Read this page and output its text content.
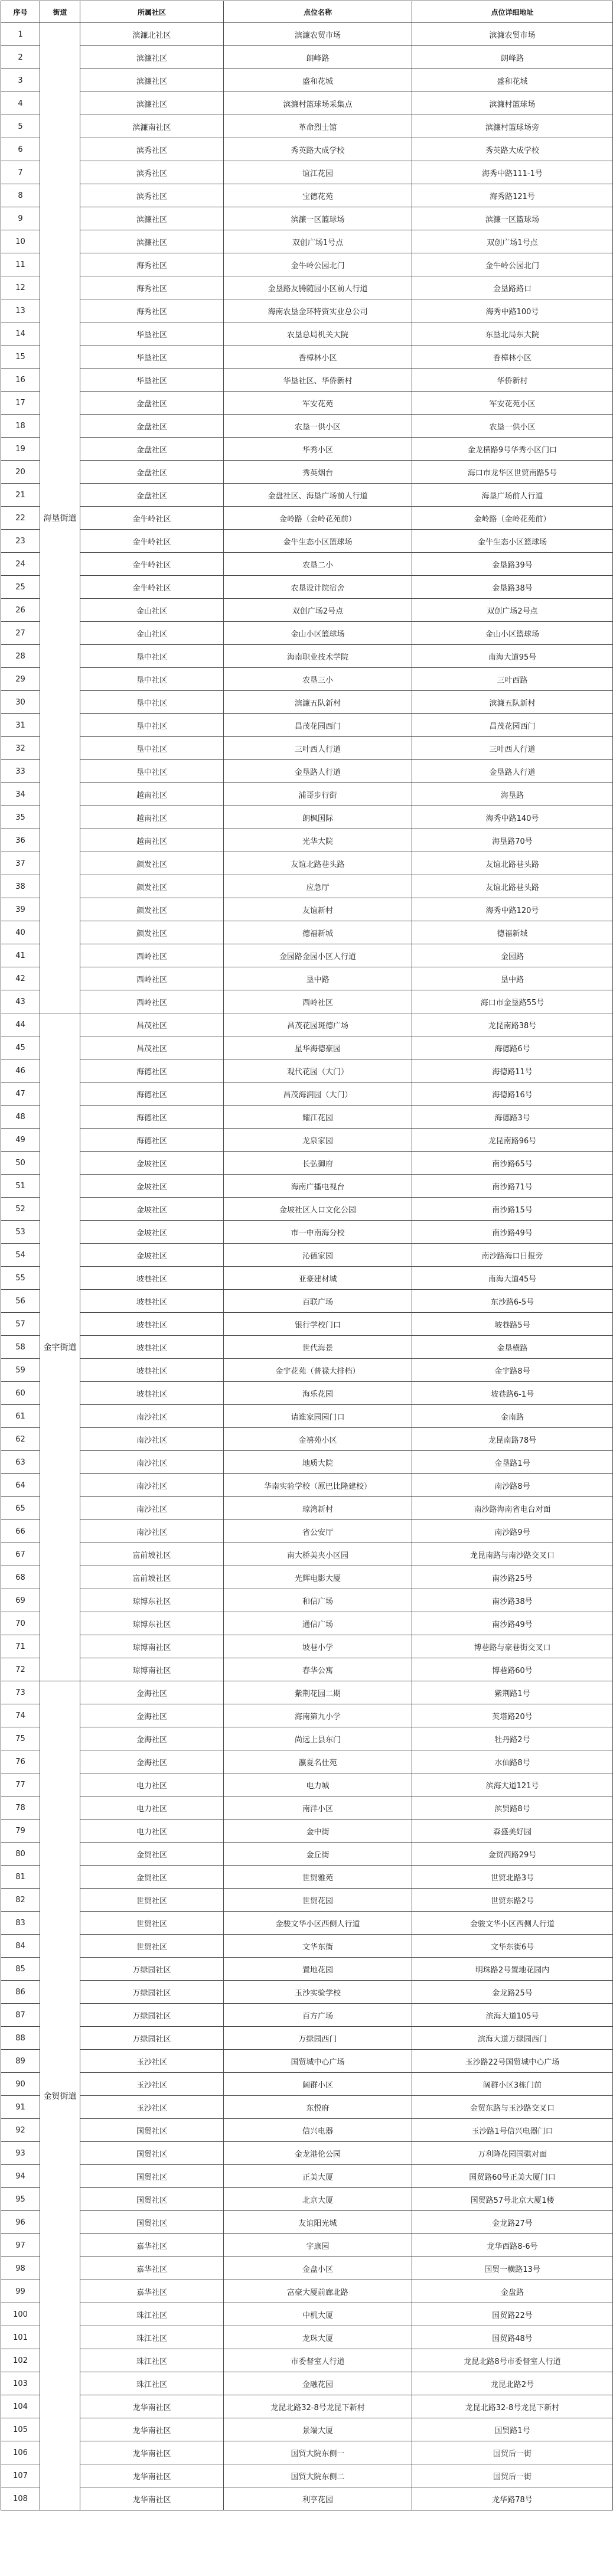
序号	街道	所属社区	点位名称	点位详细地址
1	海垦街道	滨濂北社区	滨濂农贸市场	滨濂农贸市场
2		滨濂社区	朗峰路	朗峰路
3		滨濂社区	盛和花城	盛和花城
4		滨濂社区	滨濂村篮球场采集点	滨濂村篮球场
5		滨濂南社区	革命烈士馆	滨濂村篮球场旁
6		滨秀社区	秀英路大成学校	秀英路大成学校
7		滨秀社区	谊江花园	海秀中路111-1号
8		滨秀社区	宝德花苑	海秀路121号
9		滨濂社区	滨濂一区篮球场	滨濂一区篮球场
10		滨濂社区	双创广场1号点	双创广场1号点
11		海秀社区	金牛岭公园北门	金牛岭公园北门
12		海秀社区	金垦路友腾随园小区前人行道	金垦路路口
13		海秀社区	海南农垦金环特资实业总公司	海秀中路100号
14		华垦社区	农垦总局机关大院	东垦北局东大院
15		华垦社区	香樟林小区	香樟林小区
16		华垦社区	华垦社区、华侨新村	华侨新村
17		金盘社区	军安花苑	军安花苑小区
18		金盘社区	农垦一供小区	农垦一供小区
19		金盘社区	华秀小区	金龙横路9号华秀小区门口
20		金盘社区	秀英烟台	海口市龙华区世贸南路5号
21		金盘社区	金盘社区、海垦广场前人行道	海垦广场前人行道
22		金牛岭社区	金岭路（金岭花苑前）	金岭路（金岭花苑前）
23		金牛岭社区	金牛生态小区篮球场	金牛生态小区篮球场
24		金牛岭社区	农垦二小	金垦路39号
25		金牛岭社区	农垦设计院宿舍	金垦路38号
26		金山社区	双创广场2号点	双创广场2号点
27		金山社区	金山小区篮球场	金山小区篮球场
28		垦中社区	海南职业技术学院	南海大道95号
29		垦中社区	农垦三小	三叶西路
30		垦中社区	滨濂五队新村	滨濂五队新村
31		垦中社区	昌茂花园西门	昌茂花园西门
32		垦中社区	三叶西人行道	三叶西人行道
33		垦中社区	金垦路人行道	金垦路人行道
34		越南社区	浦哥步行街	海垦路
35		越南社区	朗枫国际	海秀中路140号
36		越南社区	光华大院	海垦路70号
37		颜发社区	友谊北路巷头路	友谊北路巷头路
38		颜发社区	应急厅	友谊北路巷头路
39		颜发社区	友谊新村	海秀中路120号
40		颜发社区	德福新城	德福新城
41		西岭社区	金园路金园小区人行道	金园路
42		西岭社区	垦中路	垦中路
43		西岭社区	西岭社区	海口市金垦路55号
44	金宇街道	昌茂社区	昌茂花园斑德广场	龙昆南路38号
45		昌茂社区	星华海德豪园	海德路6号
46		海德社区	观代花园（大门）	海德路11号
47		海德社区	昌茂海润园（大门）	海德路16号
48		海德社区	耀江花园	海德路3号
49		海德社区	龙泉家园	龙昆南路96号
50		金坡社区	长弘御府	南沙路65号
51		金坡社区	海南广播电视台	南沙路71号
52		金坡社区	金坡社区人口文化公园	南沙路15号
53		金坡社区	市一中南海分校	南沙路49号
54		金坡社区	沁德家园	南沙路海口日报旁
55		坡巷社区	亚豪建材城	南海大道45号
56		坡巷社区	百联广场	东沙路6-5号
57		坡巷社区	银行学校门口	坡巷路5号
58		坡巷社区	世代海景	金垦横路
59		坡巷社区	金宇花苑（普禄大排档）	金宇路8号
60		坡巷社区	海乐花园	坡巷路6-1号
61		南沙社区	请谁家园园门口	金南路
62		南沙社区	金禧苑小区	龙昆南路78号
63		南沙社区	地质大院	金垦路1号
64		南沙社区	华南实验学校（原巴比隆建校）	南沙路8号
65		南沙社区	琼湾新村	南沙路海南省电台对面
66		南沙社区	省公安厅	南沙路9号
67		富前坡社区	南大桥美夹小区园	龙昆南路与南沙路交叉口
68		富前坡社区	光辉电影大厦	南沙路25号
69		琼博东社区	和信广场	南沙路38号
70		琼博东社区	通信广场	南沙路49号
71		琼博南社区	坡巷小学	博巷路与豪巷街交叉口
72		琼博南社区	春华公寓	博巷路60号
73	金贸街道	金海社区	紫荆花园二期	紫荆路1号
74		金海社区	海南第九小学	英塔路20号
75		金海社区	尚远上县东门	牡丹路2号
76		金海社区	瀛夏名仕苑	水仙路8号
77		电力社区	电力城	滨海大道121号
78		电力社区	南洋小区	滨贸路8号
79		电力社区	金中街	森盛美好园
80		金贸社区	金丘街	金贸西路29号
81		金贸社区	世贸雅苑	世贸北路3号
82		世贸社区	世贸花园	世贸东路2号
83		世贸社区	金骏文华小区西侧人行道	金骏文华小区西侧人行道
84		世贸社区	文华东街	文华东街6号
85		万绿园社区	置地花园	明珠路2号置地花园内
86		万绿园社区	玉沙实验学校	金龙路25号
87		万绿园社区	百方广场	滨海大道105号
88		万绿园社区	万绿园西门	滨海大道万绿园西门
89		玉沙社区	国贸城中心广场	玉沙路22号国贸城中心广场
90		玉沙社区	阔群小区	阔群小区3栋门前
91		玉沙社区	东悦府	金贸东路与玉沙路交叉口
92		国贸社区	信兴电器	玉沙路1号信兴电器门口
93		国贸社区	金龙港伦公园	万利隆花园国骐对面
94		国贸社区	正美大厦	国贸路60号正美大厦门口
95		国贸社区	北京大厦	国贸路57号北京大厦1楼
96		国贸社区	友谊阳光城	金龙路27号
97		嘉华社区	宇康园	龙华西路8-6号
98		嘉华社区	金盘小区	国贸一横路13号
99		嘉华社区	富豪大厦前廊北路	金盘路
100		珠江社区	中机大厦	国贸路22号
101		珠江社区	龙珠大厦	国贸路48号
102		珠江社区	市委督室人行道	龙昆北路8号市委督室人行道
103		珠江社区	金融花园	龙昆北路2号
104		龙华南社区	龙昆北路32-8号龙昆下新村	龙昆北路32-8号龙昆下新村
105		龙华南社区	景端大厦	国贸路1号
106		龙华南社区	国贸大院东侧一	国贸后一街
107		龙华南社区	国贸大院东侧二	国贸后一街
108		龙华南社区	利亨花园	龙华路78号
